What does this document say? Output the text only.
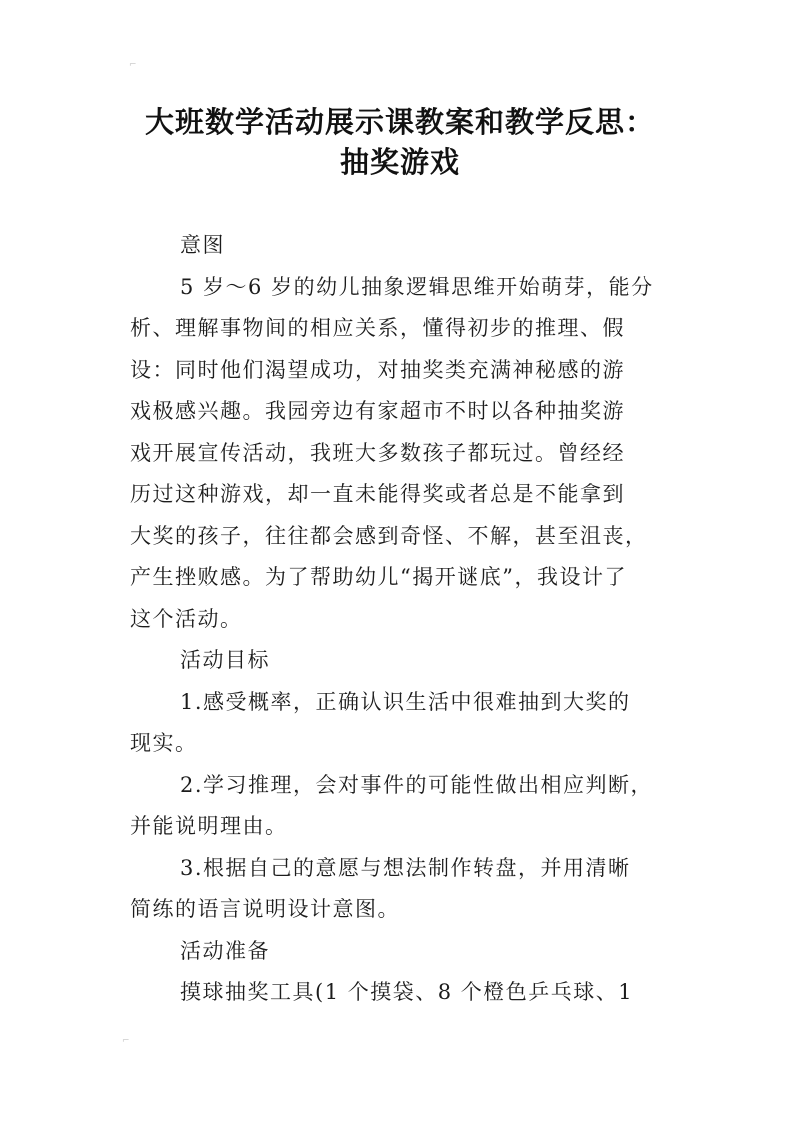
⌐
大班数学活动展示课教案和教学反思：
抽奖游戏
意图
5 岁～6 岁的幼儿抽象逻辑思维开始萌芽，能分
析、理解事物间的相应关系，懂得初步的推理、假
设：同时他们渴望成功，对抽奖类充满神秘感的游
戏极感兴趣。我园旁边有家超市不时以各种抽奖游
戏开展宣传活动，我班大多数孩子都玩过。曾经经
历过这种游戏，却一直未能得奖或者总是不能拿到
大奖的孩子，往往都会感到奇怪、不解，甚至沮丧，
产生挫败感。为了帮助幼儿“揭开谜底”，我设计了
这个活动。
活动目标
1.感受概率，正确认识生活中很难抽到大奖的
现实。
2.学习推理，会对事件的可能性做出相应判断，
并能说明理由。
3.根据自己的意愿与想法制作转盘，并用清晰
简练的语言说明设计意图。
活动准备
摸球抽奖工具(1 个摸袋、8 个橙色乒乓球、1
⌐
